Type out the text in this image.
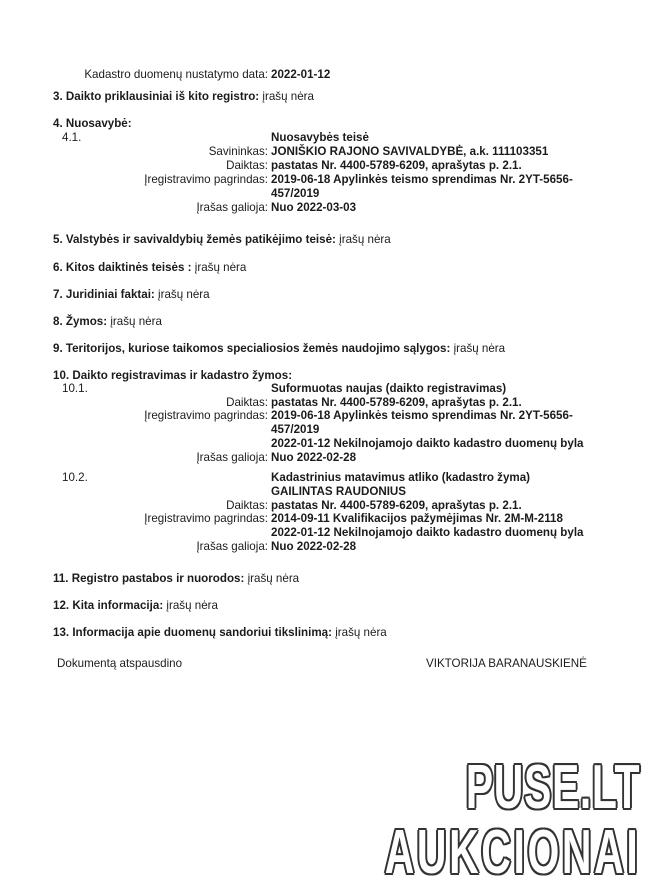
Kadastro duomenų nustatymo data: 2022-01-12
3. Daikto priklausiniai iš kito registro: įrašų nėra
4. Nuosavybė:
4.1.	Nuosavybės teisė
Savininkas: JONIŠKIO RAJONO SAVIVALDYBĖ, a.k. 111103351
Daiktas: pastatas Nr. 4400-5789-6209, aprašytas p. 2.1.
Įregistravimo pagrindas: 2019-06-18 Apylinkės teismo sprendimas Nr. 2YT-5656-
457/2019
Įrašas galioja: Nuo 2022-03-03
5. Valstybės ir savivaldybių žemės patikėjimo teisė: įrašų nėra
6. Kitos daiktinės teisės : įrašų nėra
7. Juridiniai faktai: įrašų nėra
8. Žymos: įrašų nėra
9. Teritorijos, kuriose taikomos specialiosios žemės naudojimo sąlygos: įrašų nėra
10. Daikto registravimas ir kadastro žymos:
10.1.	Suformuotas naujas (daikto registravimas)
Daiktas: pastatas Nr. 4400-5789-6209, aprašytas p. 2.1.
Įregistravimo pagrindas: 2019-06-18 Apylinkės teismo sprendimas Nr. 2YT-5656-
457/2019
2022-01-12 Nekilnojamojo daikto kadastro duomenų byla
Įrašas galioja: Nuo 2022-02-28
10.2.	Kadastrinius matavimus atliko (kadastro žyma)
GAILINTAS RAUDONIUS
Daiktas: pastatas Nr. 4400-5789-6209, aprašytas p. 2.1.
Įregistravimo pagrindas: 2014-09-11 Kvalifikacijos pažymėjimas Nr. 2M-M-2118
2022-01-12 Nekilnojamojo daikto kadastro duomenų byla
Įrašas galioja: Nuo 2022-02-28
11. Registro pastabos ir nuorodos: įrašų nėra
12. Kita informacija: įrašų nėra
13. Informacija apie duomenų sandoriui tikslinimą: įrašų nėra
Dokumentą atspausdino	VIKTORIJA BARANAUSKIENĖ
PUSE.LT
AUKCIONAI
